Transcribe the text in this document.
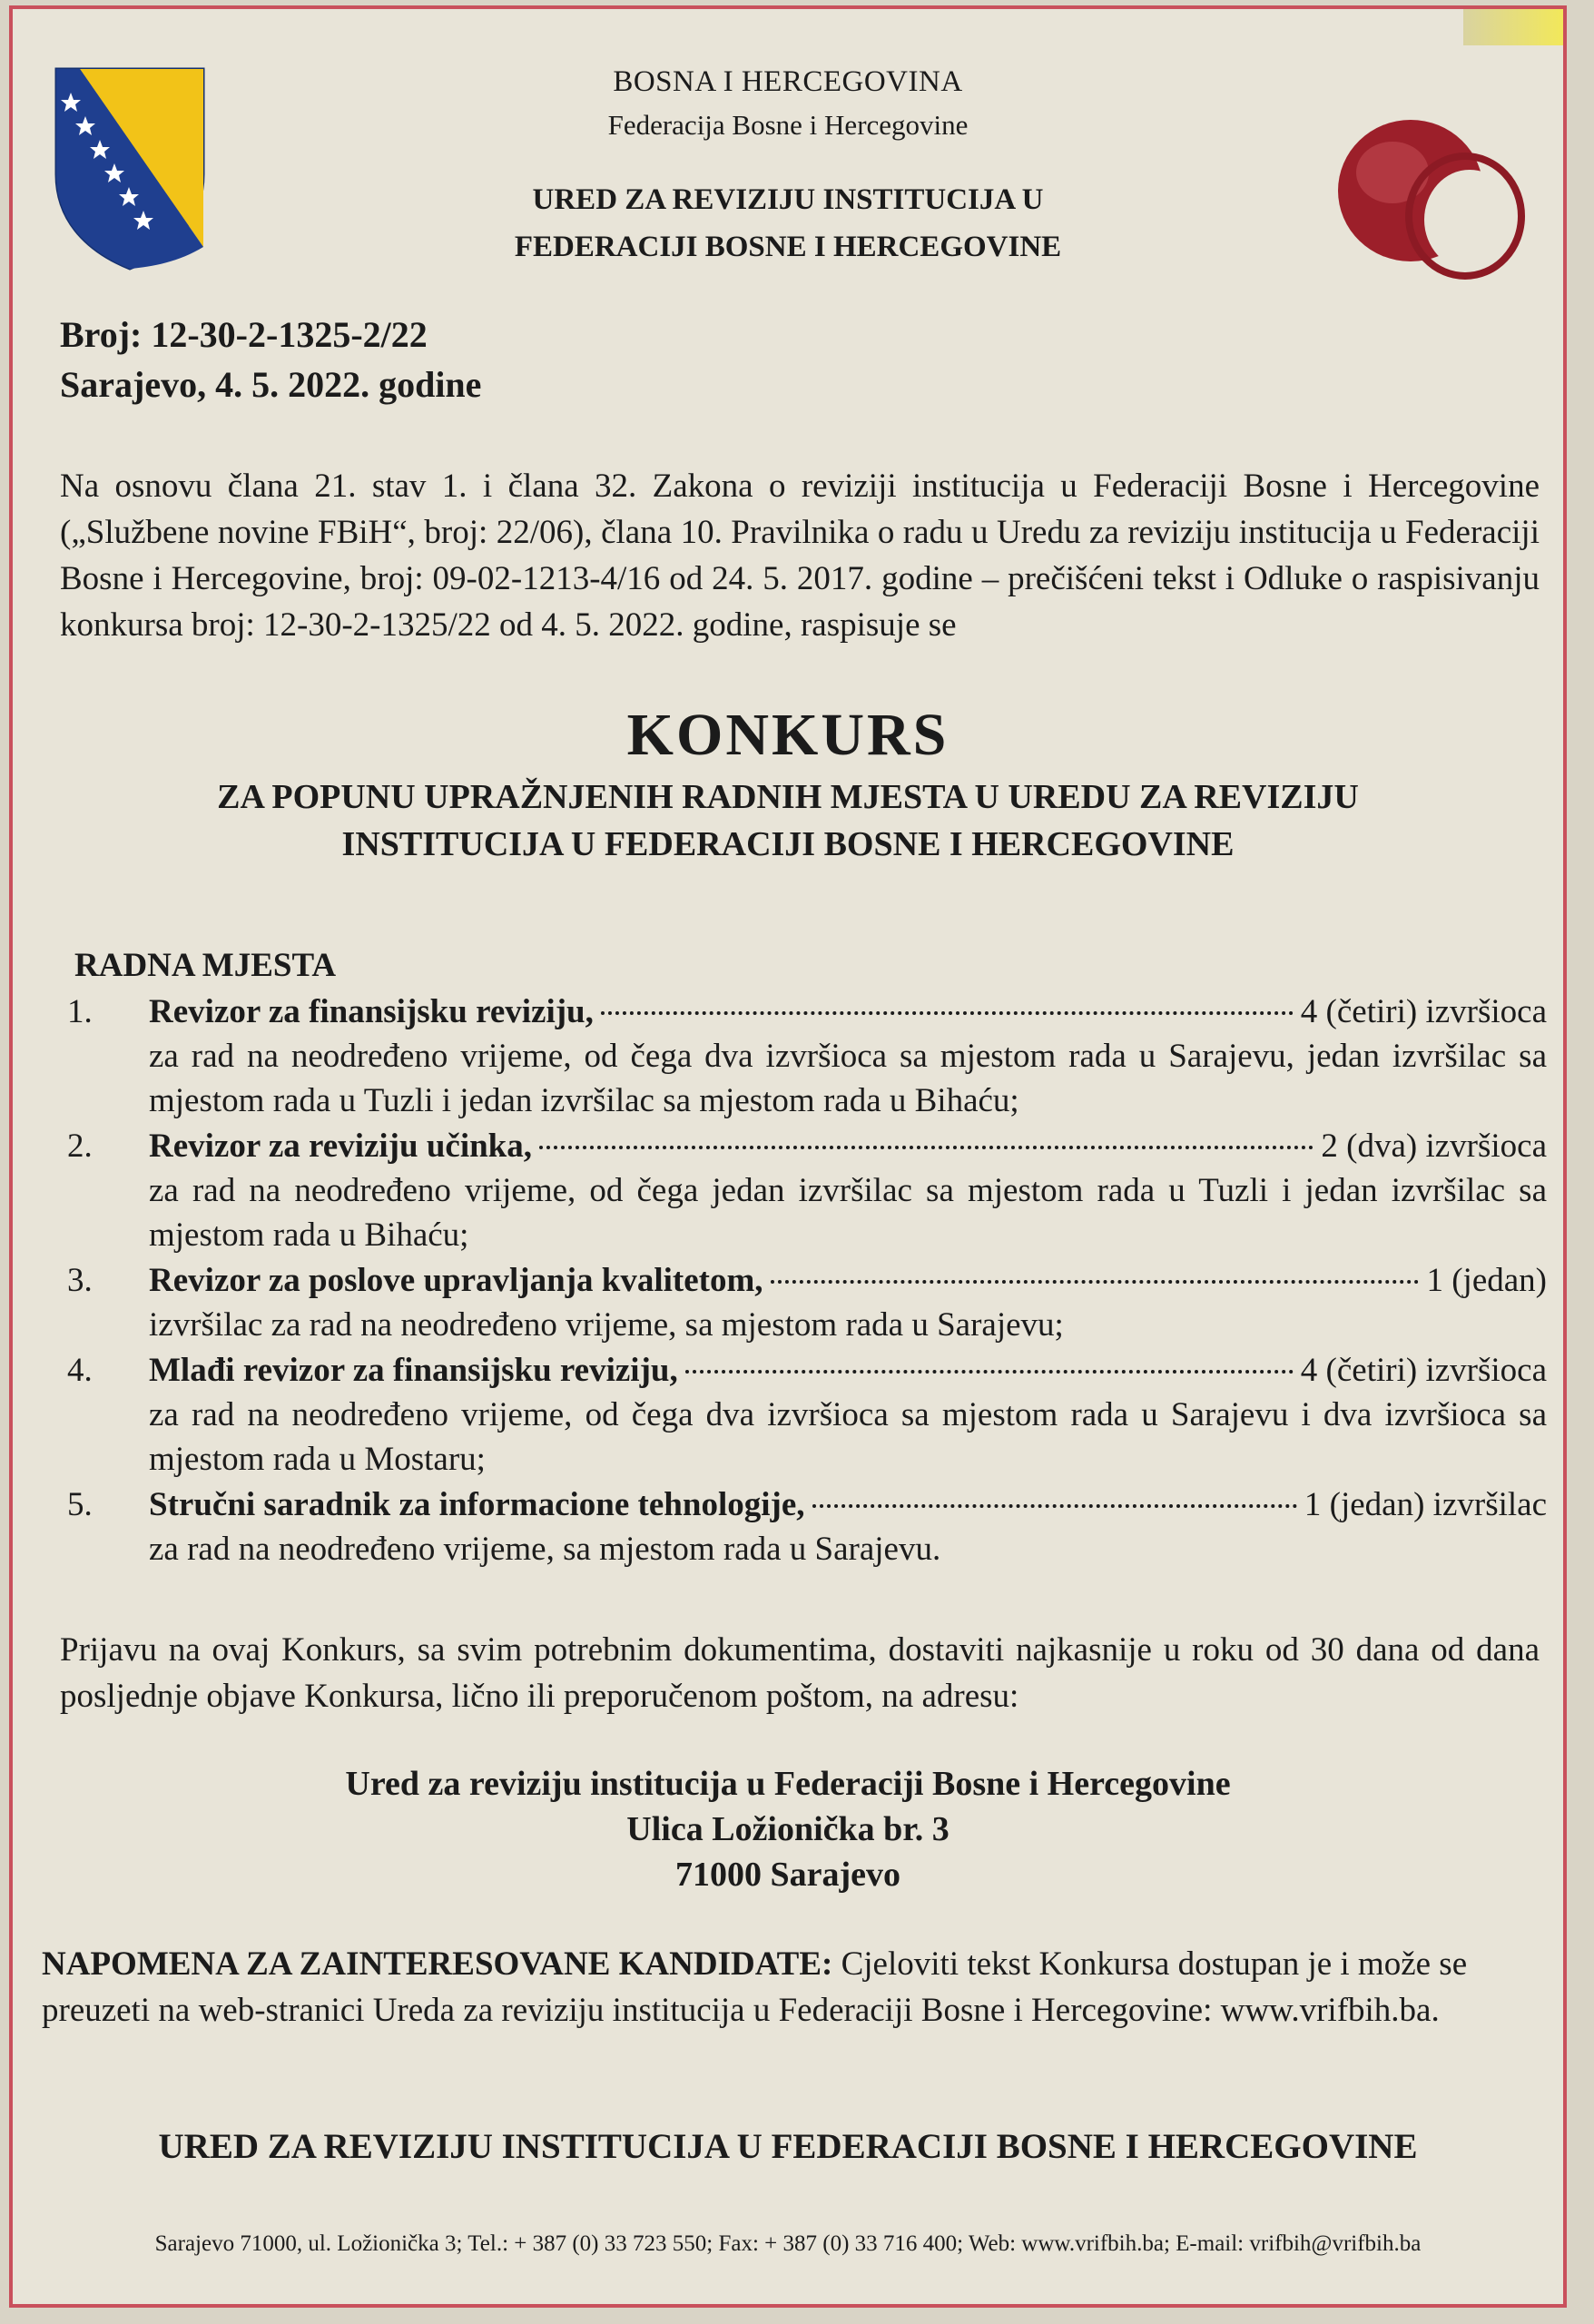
BOSNA I HERCEGOVINA
Federacija Bosne i Hercegovine
URED ZA REVIZIJU INSTITUCIJA U
FEDERACIJI BOSNE I HERCEGOVINE
Broj: 12-30-2-1325-2/22
Sarajevo, 4. 5. 2022. godine
Na osnovu člana 21. stav 1. i člana 32. Zakona o reviziji institucija u Federaciji Bosne i Hercegovine („Službene novine FBiH“, broj: 22/06), člana 10. Pravilnika o radu u Uredu za reviziju institucija u Federaciji Bosne i Hercegovine, broj: 09-02-1213-4/16 od 24. 5. 2017. godine – prečišćeni tekst i Odluke o raspisivanju konkursa broj: 12-30-2-1325/22 od 4. 5. 2022. godine, raspisuje se
KONKURS
ZA POPUNU UPRAŽNJENIH RADNIH MJESTA U UREDU ZA REVIZIJU
INSTITUCIJA U FEDERACIJI BOSNE I HERCEGOVINE
RADNA MJESTA
1.	Revizor za finansijsku reviziju,	4 (četiri) izvršioca
za rad na neodređeno vrijeme, od čega dva izvršioca sa mjestom rada u Sarajevu, jedan izvršilac sa mjestom rada u Tuzli i jedan izvršilac sa mjestom rada u Bihaću;
2.	Revizor za reviziju učinka,	2 (dva) izvršioca
za rad na neodređeno vrijeme, od čega jedan izvršilac sa mjestom rada u Tuzli i jedan izvršilac sa mjestom rada u Bihaću;
3.	Revizor za poslove upravljanja kvalitetom,	1 (jedan)
izvršilac za rad na neodređeno vrijeme, sa mjestom rada u Sarajevu;
4.	Mlađi revizor za finansijsku reviziju,	4 (četiri) izvršioca
za rad na neodređeno vrijeme, od čega dva izvršioca sa mjestom rada u Sarajevu i dva izvršioca sa mjestom rada u Mostaru;
5.	Stručni saradnik za informacione tehnologije,	1 (jedan) izvršilac
za rad na neodređeno vrijeme, sa mjestom rada u Sarajevu.
Prijavu na ovaj Konkurs, sa svim potrebnim dokumentima, dostaviti najkasnije u roku od 30 dana od dana posljednje objave Konkursa, lično ili preporučenom poštom, na adresu:
Ured za reviziju institucija u Federaciji Bosne i Hercegovine
Ulica Ložionička br. 3
71000 Sarajevo
NAPOMENA ZA ZAINTERESOVANE KANDIDATE: Cjeloviti tekst Konkursa dostupan je i može se preuzeti na web-stranici Ureda za reviziju institucija u Federaciji Bosne i Hercegovine: www.vrifbih.ba.
URED ZA REVIZIJU INSTITUCIJA U FEDERACIJI BOSNE I HERCEGOVINE
Sarajevo 71000, ul. Ložionička 3; Tel.: + 387 (0) 33 723 550; Fax: + 387 (0) 33 716 400; Web: www.vrifbih.ba; E-mail: vrifbih@vrifbih.ba
